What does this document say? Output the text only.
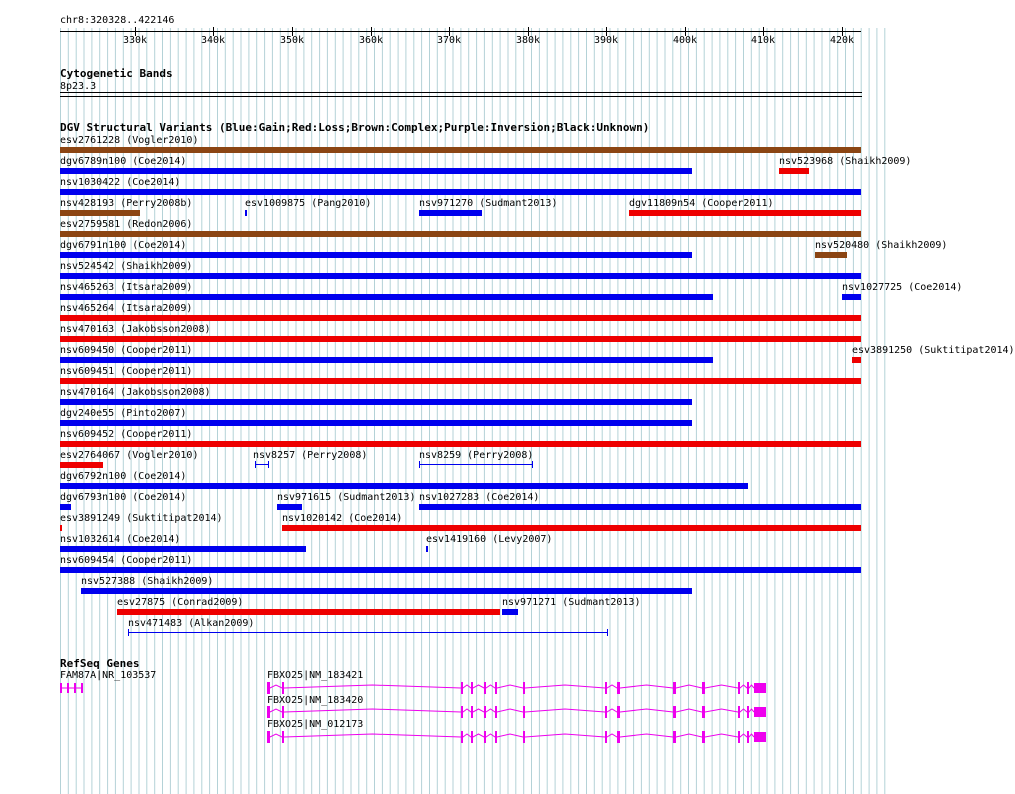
chr8:320328..422146
330k	340k	350k	360k	370k	380k	390k	400k	410k	420k
Cytogenetic Bands
8p23.3
DGV Structural Variants (Blue:Gain;Red:Loss;Brown:Complex;Purple:Inversion;Black:Unknown)
esv2761228 (Vogler2010)
dgv6789n100 (Coe2014)	nsv523968 (Shaikh2009)
nsv1030422 (Coe2014)
nsv428193 (Perry2008b)	esv1009875 (Pang2010)	nsv971270 (Sudmant2013)	dgv11809n54 (Cooper2011)
esv2759581 (Redon2006)
dgv6791n100 (Coe2014)	nsv520480 (Shaikh2009)
nsv524542 (Shaikh2009)
nsv465263 (Itsara2009)	nsv1027725 (Coe2014)
nsv465264 (Itsara2009)
nsv470163 (Jakobsson2008)
nsv609450 (Cooper2011)	esv3891250 (Suktitipat2014)
nsv609451 (Cooper2011)
nsv470164 (Jakobsson2008)
dgv240e55 (Pinto2007)
nsv609452 (Cooper2011)
esv2764067 (Vogler2010)	nsv8257 (Perry2008)	nsv8259 (Perry2008)
dgv6792n100 (Coe2014)
dgv6793n100 (Coe2014)	nsv971615 (Sudmant2013) nsv1027283 (Coe2014)
esv3891249 (Suktitipat2014)	nsv1020142 (Coe2014)
nsv1032614 (Coe2014)	esv1419160 (Levy2007)
nsv609454 (Cooper2011)
nsv527388 (Shaikh2009)
esv27875 (Conrad2009)	nsv971271 (Sudmant2013)
nsv471483 (Alkan2009)
RefSeq Genes
FAM87A|NR_103537	FBXO25|NM_183421
FBXO25|NM_183420
FBXO25|NM_012173
